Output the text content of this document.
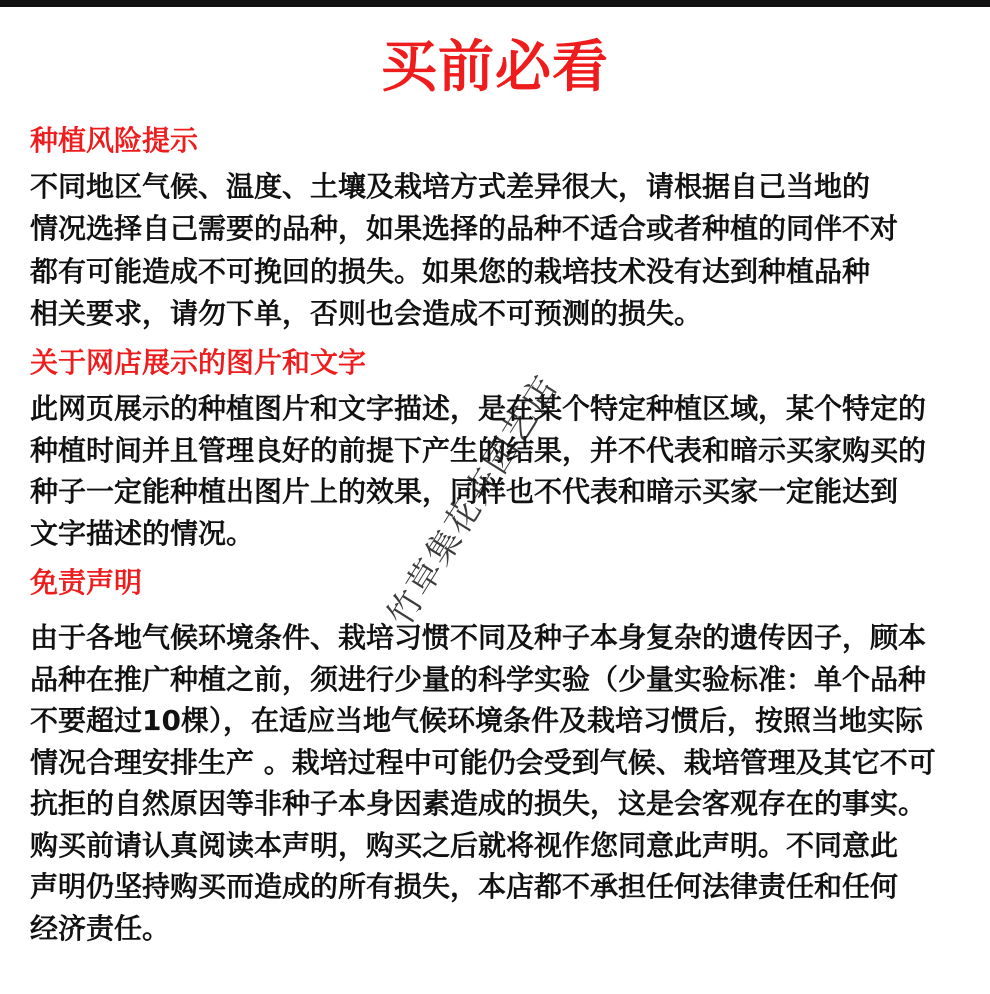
买前必看
种植风险提示
不同地区气候、温度、土壤及栽培方式差异很大，请根据自己当地的
情况选择自己需要的品种，如果选择的品种不适合或者种植的同伴不对
都有可能造成不可挽回的损失。如果您的栽培技术没有达到种植品种
相关要求，请勿下单，否则也会造成不可预测的损失。
关于网店展示的图片和文字
此网页展示的种植图片和文字描述，是在某个特定种植区域，某个特定的
种植时间并且管理良好的前提下产生的结果，并不代表和暗示买家购买的
种子一定能种植出图片上的效果，同样也不代表和暗示买家一定能达到
文字描述的情况。
免责声明
由于各地气候环境条件、栽培习惯不同及种子本身复杂的遗传因子，顾本
品种在推广种植之前，须进行少量的科学实验（少量实验标准：单个品种
不要超过10棵），在适应当地气候环境条件及栽培习惯后，按照当地实际
情况合理安排生产 。栽培过程中可能仍会受到气候、栽培管理及其它不可
抗拒的自然原因等非种子本身因素造成的损失，这是会客观存在的事实。
购买前请认真阅读本声明，购买之后就将视作您同意此声明。不同意此
声明仍坚持购买而造成的所有损失，本店都不承担任何法律责任和任何
经济责任。
竹草集花卉园艺店
